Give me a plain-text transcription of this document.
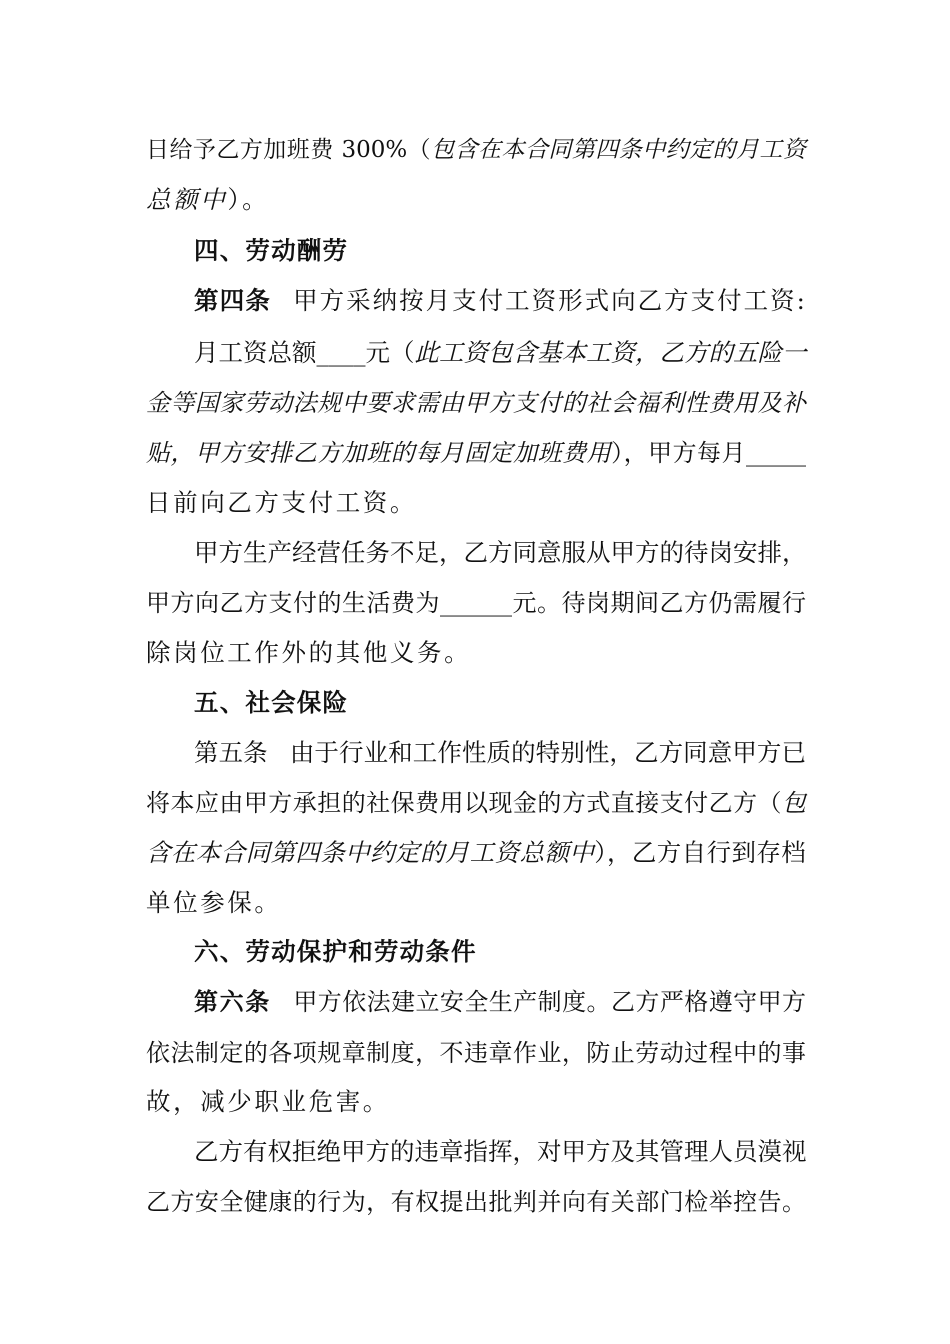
日给予乙方加班费 300%（包含在本合同第四条中约定的月工资
总额中）。
四、劳动酬劳
第四条 甲方采纳按月支付工资形式向乙方支付工资:
月工资总额____元（此工资包含基本工资，乙方的五险一
金等国家劳动法规中要求需由甲方支付的社会福利性费用及补
贴，甲方安排乙方加班的每月固定加班费用），甲方每月_____
日前向乙方支付工资。
甲方生产经营任务不足，乙方同意服从甲方的待岗安排，
甲方向乙方支付的生活费为______元。待岗期间乙方仍需履行
除岗位工作外的其他义务。
五、社会保险
第五条 由于行业和工作性质的特别性，乙方同意甲方已
将本应由甲方承担的社保费用以现金的方式直接支付乙方（包
含在本合同第四条中约定的月工资总额中），乙方自行到存档
单位参保。
六、劳动保护和劳动条件
第六条 甲方依法建立安全生产制度。乙方严格遵守甲方
依法制定的各项规章制度，不违章作业，防止劳动过程中的事
故，减少职业危害。
乙方有权拒绝甲方的违章指挥，对甲方及其管理人员漠视
乙方安全健康的行为，有权提出批判并向有关部门检举控告。
